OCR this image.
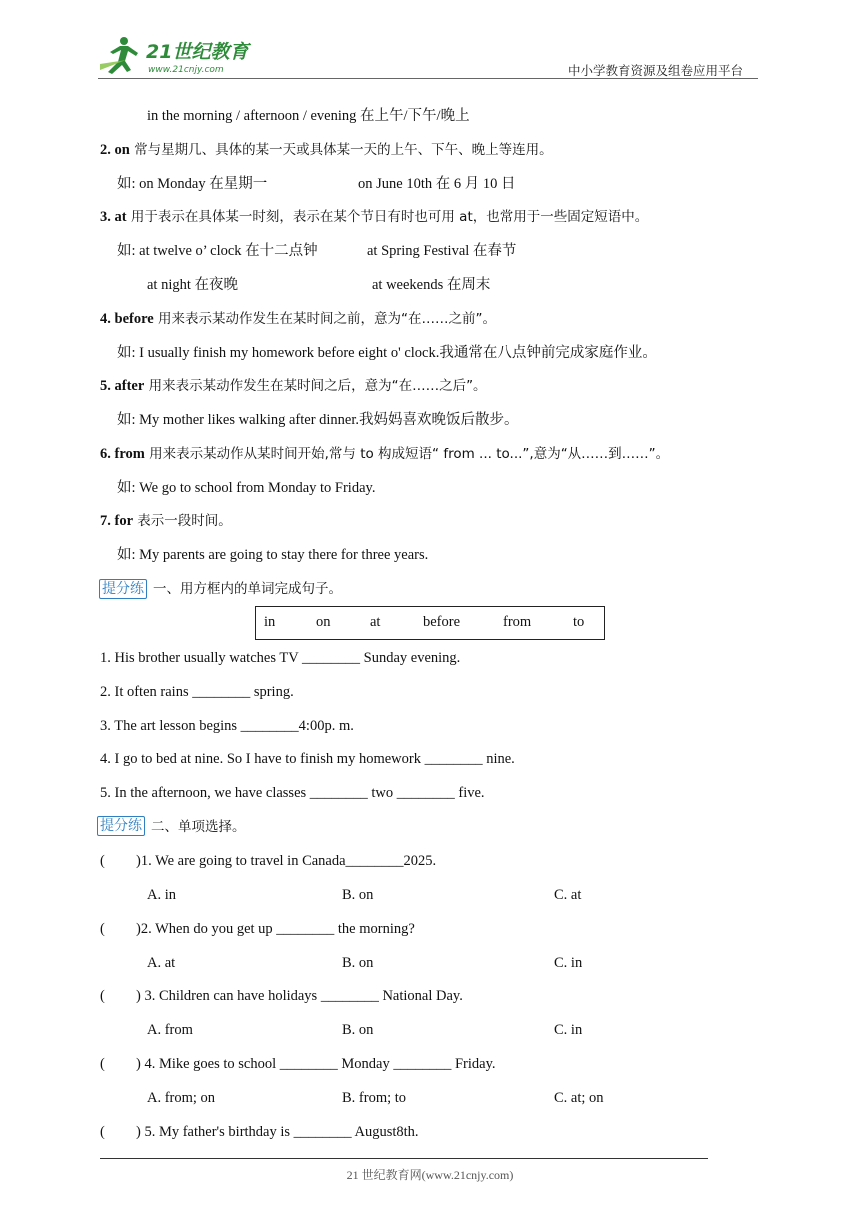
21世纪教育
www.21cnjy.com	中小学教育资源及组卷应用平台
in the morning / afternoon / evening 在上午/下午/晚上
2. on 常与星期几、具体的某一天或具体某一天的上午、下午、晚上等连用。
如: on Monday 在星期一	on June 10th 在 6 月 10 日
3. at 用于表示在具体某一时刻，表示在某个节日有时也可用 at，也常用于一些固定短语中。
如: at twelve o’ clock 在十二点钟	at Spring Festival 在春节
at night 在夜晚	at weekends 在周末
4. before 用来表示某动作发生在某时间之前，意为“在……之前”。
如: I usually finish my homework before eight o' clock.我通常在八点钟前完成家庭作业。
5. after 用来表示某动作发生在某时间之后，意为“在……之后”。
如: My mother likes walking after dinner.我妈妈喜欢晚饭后散步。
6. from 用来表示某动作从某时间开始,常与 to 构成短语“ from ... to...”,意为“从……到……”。
如: We go to school from Monday to Friday.
7. for 表示一段时间。
如: My parents are going to stay there for three years.
提分练 一、用方框内的单词完成句子。
in	on	at	before	from	to
1. His brother usually watches TV ________ Sunday evening.
2. It often rains ________ spring.
3. The art lesson begins ________4:00p. m.
4. I go to bed at nine. So I have to finish my homework ________ nine.
5. In the afternoon, we have classes ________ two ________ five.
提分练 二、单项选择。
( )1. We are going to travel in Canada________2025.
A. in	B. on	C. at
( )2. When do you get up ________ the morning?
A. at	B. on	C. in
( ) 3. Children can have holidays ________ National Day.
A. from	B. on	C. in
( ) 4. Mike goes to school ________ Monday ________ Friday.
A. from; on	B. from; to	C. at; on
( ) 5. My father's birthday is ________ August8th.
21 世纪教育网(www.21cnjy.com)
